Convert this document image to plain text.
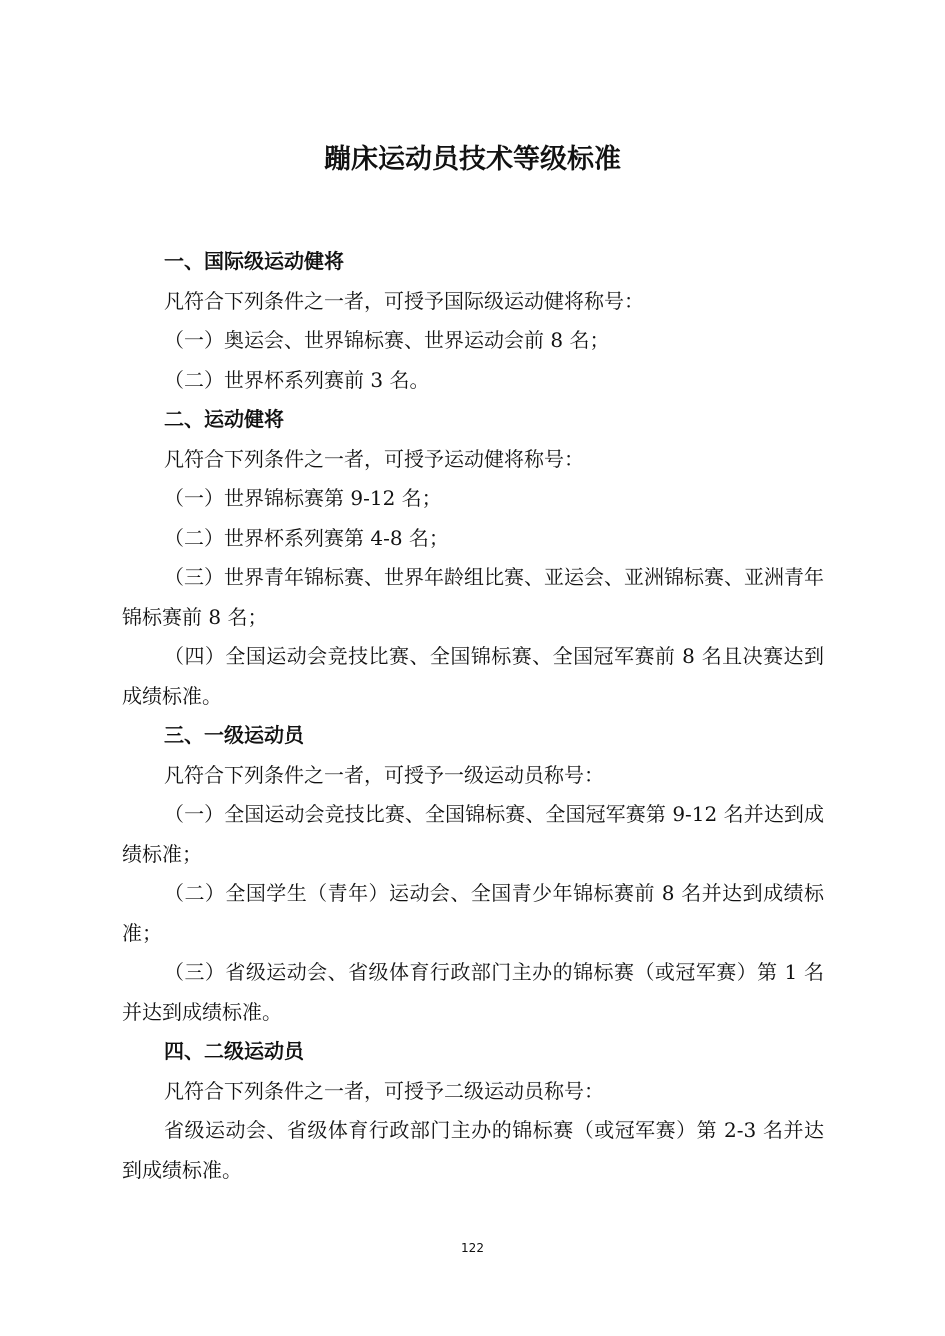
蹦床运动员技术等级标准

一、国际级运动健将

凡符合下列条件之一者，可授予国际级运动健将称号：

（一）奥运会、世界锦标赛、世界运动会前 8 名；

（二）世界杯系列赛前 3 名。

二、运动健将

凡符合下列条件之一者，可授予运动健将称号：

（一）世界锦标赛第 9-12 名；

（二）世界杯系列赛第 4-8 名；

（三）世界青年锦标赛、世界年龄组比赛、亚运会、亚洲锦标赛、亚洲青年锦标赛前 8 名；

（四）全国运动会竞技比赛、全国锦标赛、全国冠军赛前 8 名且决赛达到成绩标准。

三、一级运动员

凡符合下列条件之一者，可授予一级运动员称号：

（一）全国运动会竞技比赛、全国锦标赛、全国冠军赛第 9-12 名并达到成绩标准；

（二）全国学生（青年）运动会、全国青少年锦标赛前 8 名并达到成绩标准；

（三）省级运动会、省级体育行政部门主办的锦标赛（或冠军赛）第 1 名并达到成绩标准。

四、二级运动员

凡符合下列条件之一者，可授予二级运动员称号：

省级运动会、省级体育行政部门主办的锦标赛（或冠军赛）第 2-3 名并达到成绩标准。

122
